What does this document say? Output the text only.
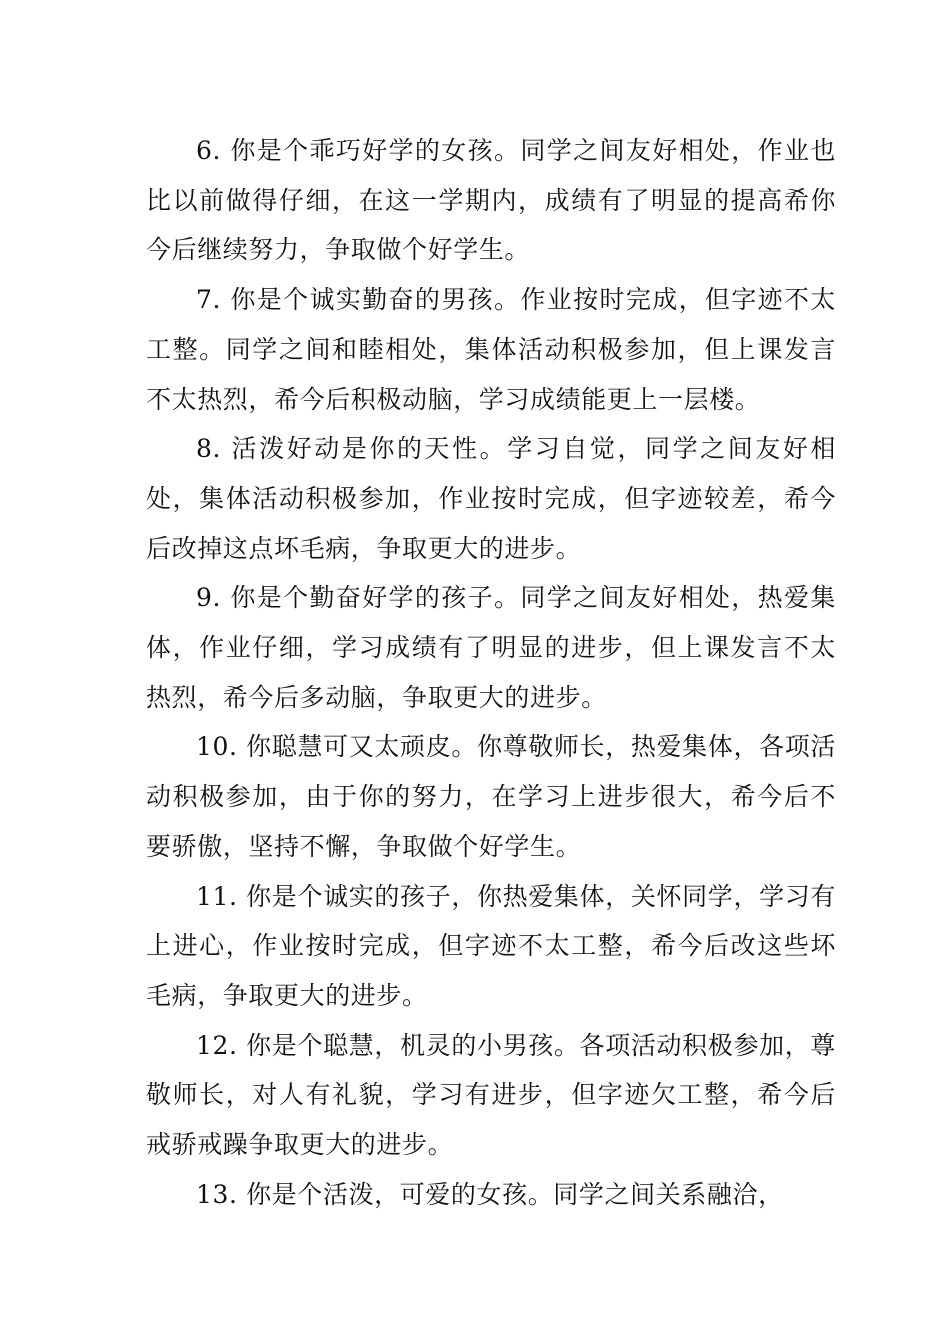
6. 你是个乖巧好学的女孩。同学之间友好相处，作业也比以前做得仔细，在这一学期内，成绩有了明显的提高希你今后继续努力，争取做个好学生。

7. 你是个诚实勤奋的男孩。作业按时完成，但字迹不太工整。同学之间和睦相处，集体活动积极参加，但上课发言不太热烈，希今后积极动脑，学习成绩能更上一层楼。

8. 活泼好动是你的天性。学习自觉，同学之间友好相处，集体活动积极参加，作业按时完成，但字迹较差，希今后改掉这点坏毛病，争取更大的进步。

9. 你是个勤奋好学的孩子。同学之间友好相处，热爱集体，作业仔细，学习成绩有了明显的进步，但上课发言不太热烈，希今后多动脑，争取更大的进步。

10. 你聪慧可又太顽皮。你尊敬师长，热爱集体，各项活动积极参加，由于你的努力，在学习上进步很大，希今后不要骄傲，坚持不懈，争取做个好学生。

11. 你是个诚实的孩子，你热爱集体，关怀同学，学习有上进心，作业按时完成，但字迹不太工整，希今后改这些坏毛病，争取更大的进步。

12. 你是个聪慧，机灵的小男孩。各项活动积极参加，尊敬师长，对人有礼貌，学习有进步，但字迹欠工整，希今后戒骄戒躁争取更大的进步。

13. 你是个活泼，可爱的女孩。同学之间关系融洽，
